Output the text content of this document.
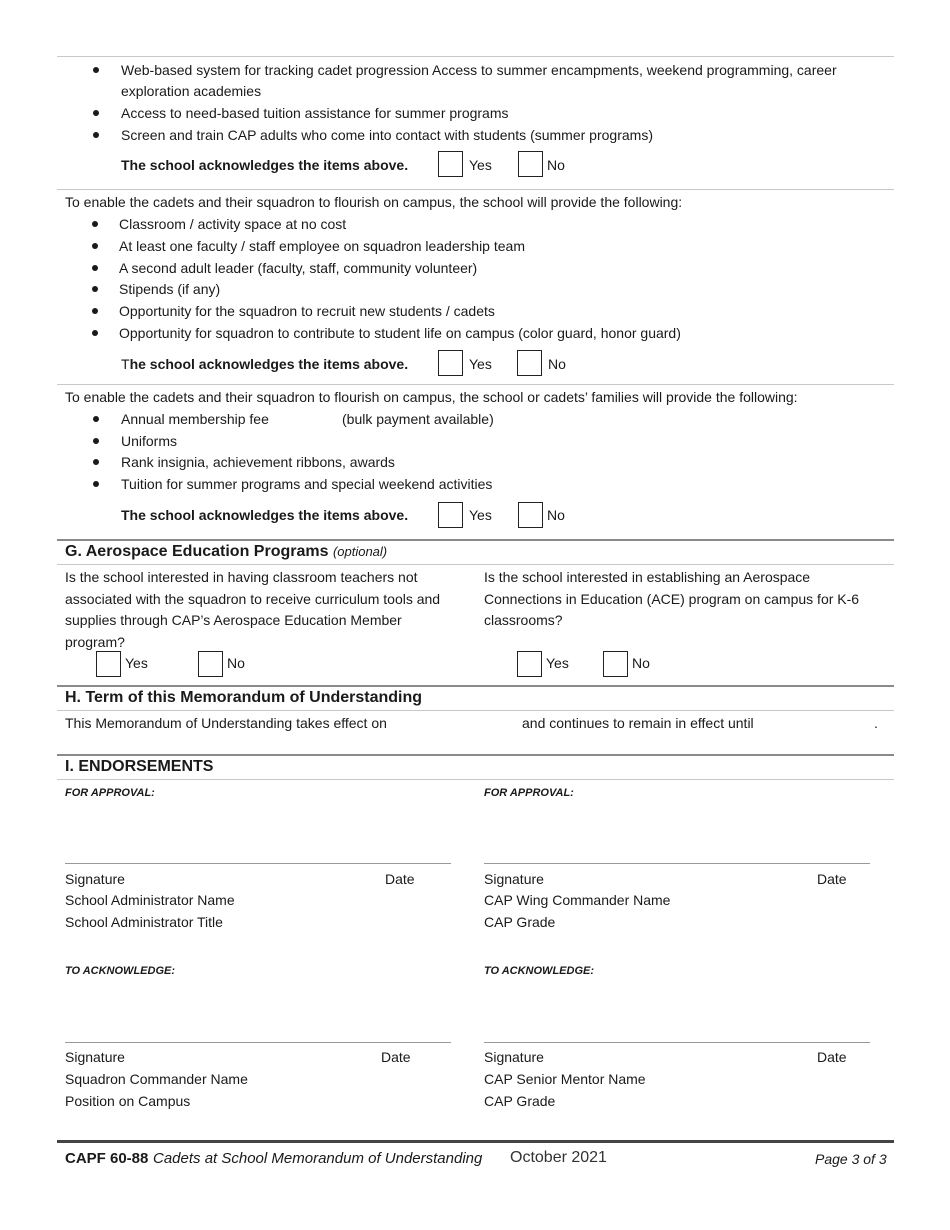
Web-based system for tracking cadet progression Access to summer encampments, weekend programming, career
exploration academies
Access to need-based tuition assistance for summer programs
Screen and train CAP adults who come into contact with students (summer programs)
The school acknowledges the items above.	Yes	No
To enable the cadets and their squadron to flourish on campus, the school will provide the following:
Classroom / activity space at no cost
At least one faculty / staff employee on squadron leadership team
A second adult leader (faculty, staff, community volunteer)
Stipends (if any)
Opportunity for the squadron to recruit new students / cadets
Opportunity for squadron to contribute to student life on campus (color guard, honor guard)
The school acknowledges the items above.	Yes	No
To enable the cadets and their squadron to flourish on campus, the school or cadets’ families will provide the following:
Annual membership fee	(bulk payment available)
Uniforms
Rank insignia, achievement ribbons, awards
Tuition for summer programs and special weekend activities
The school acknowledges the items above.	Yes	No
G. Aerospace Education Programs (optional)
Is the school interested in having classroom teachers not
associated with the squadron to receive curriculum tools and
supplies through CAP’s Aerospace Education Member
program?
Is the school interested in establishing an Aerospace
Connections in Education (ACE) program on campus for K-6
classrooms?
Yes	No	Yes	No
H. Term of this Memorandum of Understanding
This Memorandum of Understanding takes effect on	and continues to remain in effect until	.
I. ENDORSEMENTS
FOR APPROVAL:	FOR APPROVAL:
Signature	Date
School Administrator Name
School Administrator Title
Signature	Date
CAP Wing Commander Name
CAP Grade
TO ACKNOWLEDGE:	TO ACKNOWLEDGE:
Signature	Date
Squadron Commander Name
Position on Campus
Signature	Date
CAP Senior Mentor Name
CAP Grade
CAPF 60-88 Cadets at School Memorandum of Understanding October 2021	Page 3 of 3
